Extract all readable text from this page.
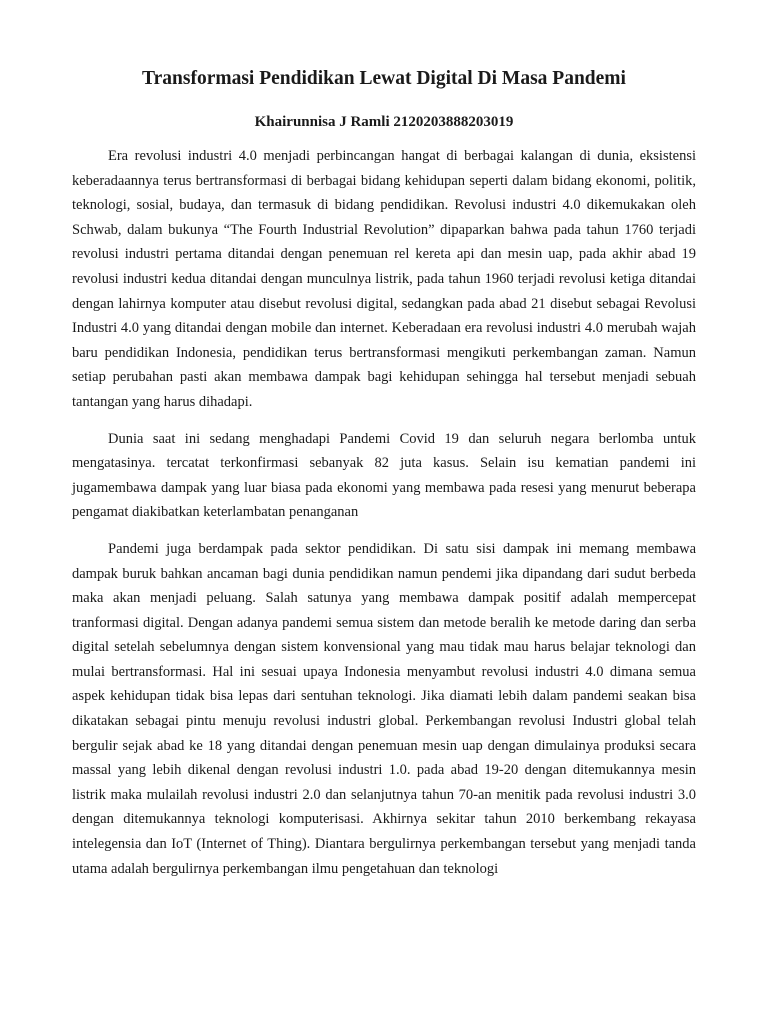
Transformasi Pendidikan Lewat Digital Di Masa Pandemi

Khairunnisa J Ramli 2120203888203019

Era revolusi industri 4.0 menjadi perbincangan hangat di berbagai kalangan di dunia, eksistensi keberadaannya terus bertransformasi di berbagai bidang kehidupan seperti dalam bidang ekonomi, politik, teknologi, sosial, budaya, dan termasuk di bidang pendidikan. Revolusi industri 4.0 dikemukakan oleh Schwab, dalam bukunya “The Fourth Industrial Revolution” dipaparkan bahwa pada tahun 1760 terjadi revolusi industri pertama ditandai dengan penemuan rel kereta api dan mesin uap, pada akhir abad 19 revolusi industri kedua ditandai dengan munculnya listrik, pada tahun 1960 terjadi revolusi ketiga ditandai dengan lahirnya komputer atau disebut revolusi digital, sedangkan pada abad 21 disebut sebagai Revolusi Industri 4.0 yang ditandai dengan mobile dan internet. Keberadaan era revolusi industri 4.0 merubah wajah baru pendidikan Indonesia, pendidikan terus bertransformasi mengikuti perkembangan zaman. Namun setiap perubahan pasti akan membawa dampak bagi kehidupan sehingga hal tersebut menjadi sebuah tantangan yang harus dihadapi.

Dunia saat ini sedang menghadapi Pandemi Covid 19 dan seluruh negara berlomba untuk mengatasinya. tercatat terkonfirmasi sebanyak 82 juta kasus. Selain isu kematian pandemi ini jugamembawa dampak yang luar biasa pada ekonomi yang membawa pada resesi yang menurut beberapa pengamat diakibatkan keterlambatan penanganan

Pandemi juga berdampak pada sektor pendidikan. Di satu sisi dampak ini memang membawa dampak buruk bahkan ancaman bagi dunia pendidikan namun pendemi jika dipandang dari sudut berbeda maka akan menjadi peluang. Salah satunya yang membawa dampak positif adalah mempercepat tranformasi digital. Dengan adanya pandemi semua sistem dan metode beralih ke metode daring dan serba digital setelah sebelumnya dengan sistem konvensional yang mau tidak mau harus belajar teknologi dan mulai bertransformasi. Hal ini sesuai upaya Indonesia menyambut revolusi industri 4.0 dimana semua aspek kehidupan tidak bisa lepas dari sentuhan teknologi. Jika diamati lebih dalam pandemi seakan bisa dikatakan sebagai pintu menuju revolusi industri global. Perkembangan revolusi Industri global telah bergulir sejak abad ke 18 yang ditandai dengan penemuan mesin uap dengan dimulainya produksi secara massal yang lebih dikenal dengan revolusi industri 1.0. pada abad 19-20 dengan ditemukannya mesin listrik maka mulailah revolusi industri 2.0 dan selanjutnya tahun 70-an menitik pada revolusi industri 3.0 dengan ditemukannya teknologi komputerisasi. Akhirnya sekitar tahun 2010 berkembang rekayasa intelegensia dan IoT (Internet of Thing). Diantara bergulirnya perkembangan tersebut yang menjadi tanda utama adalah bergulirnya perkembangan ilmu pengetahuan dan teknologi
